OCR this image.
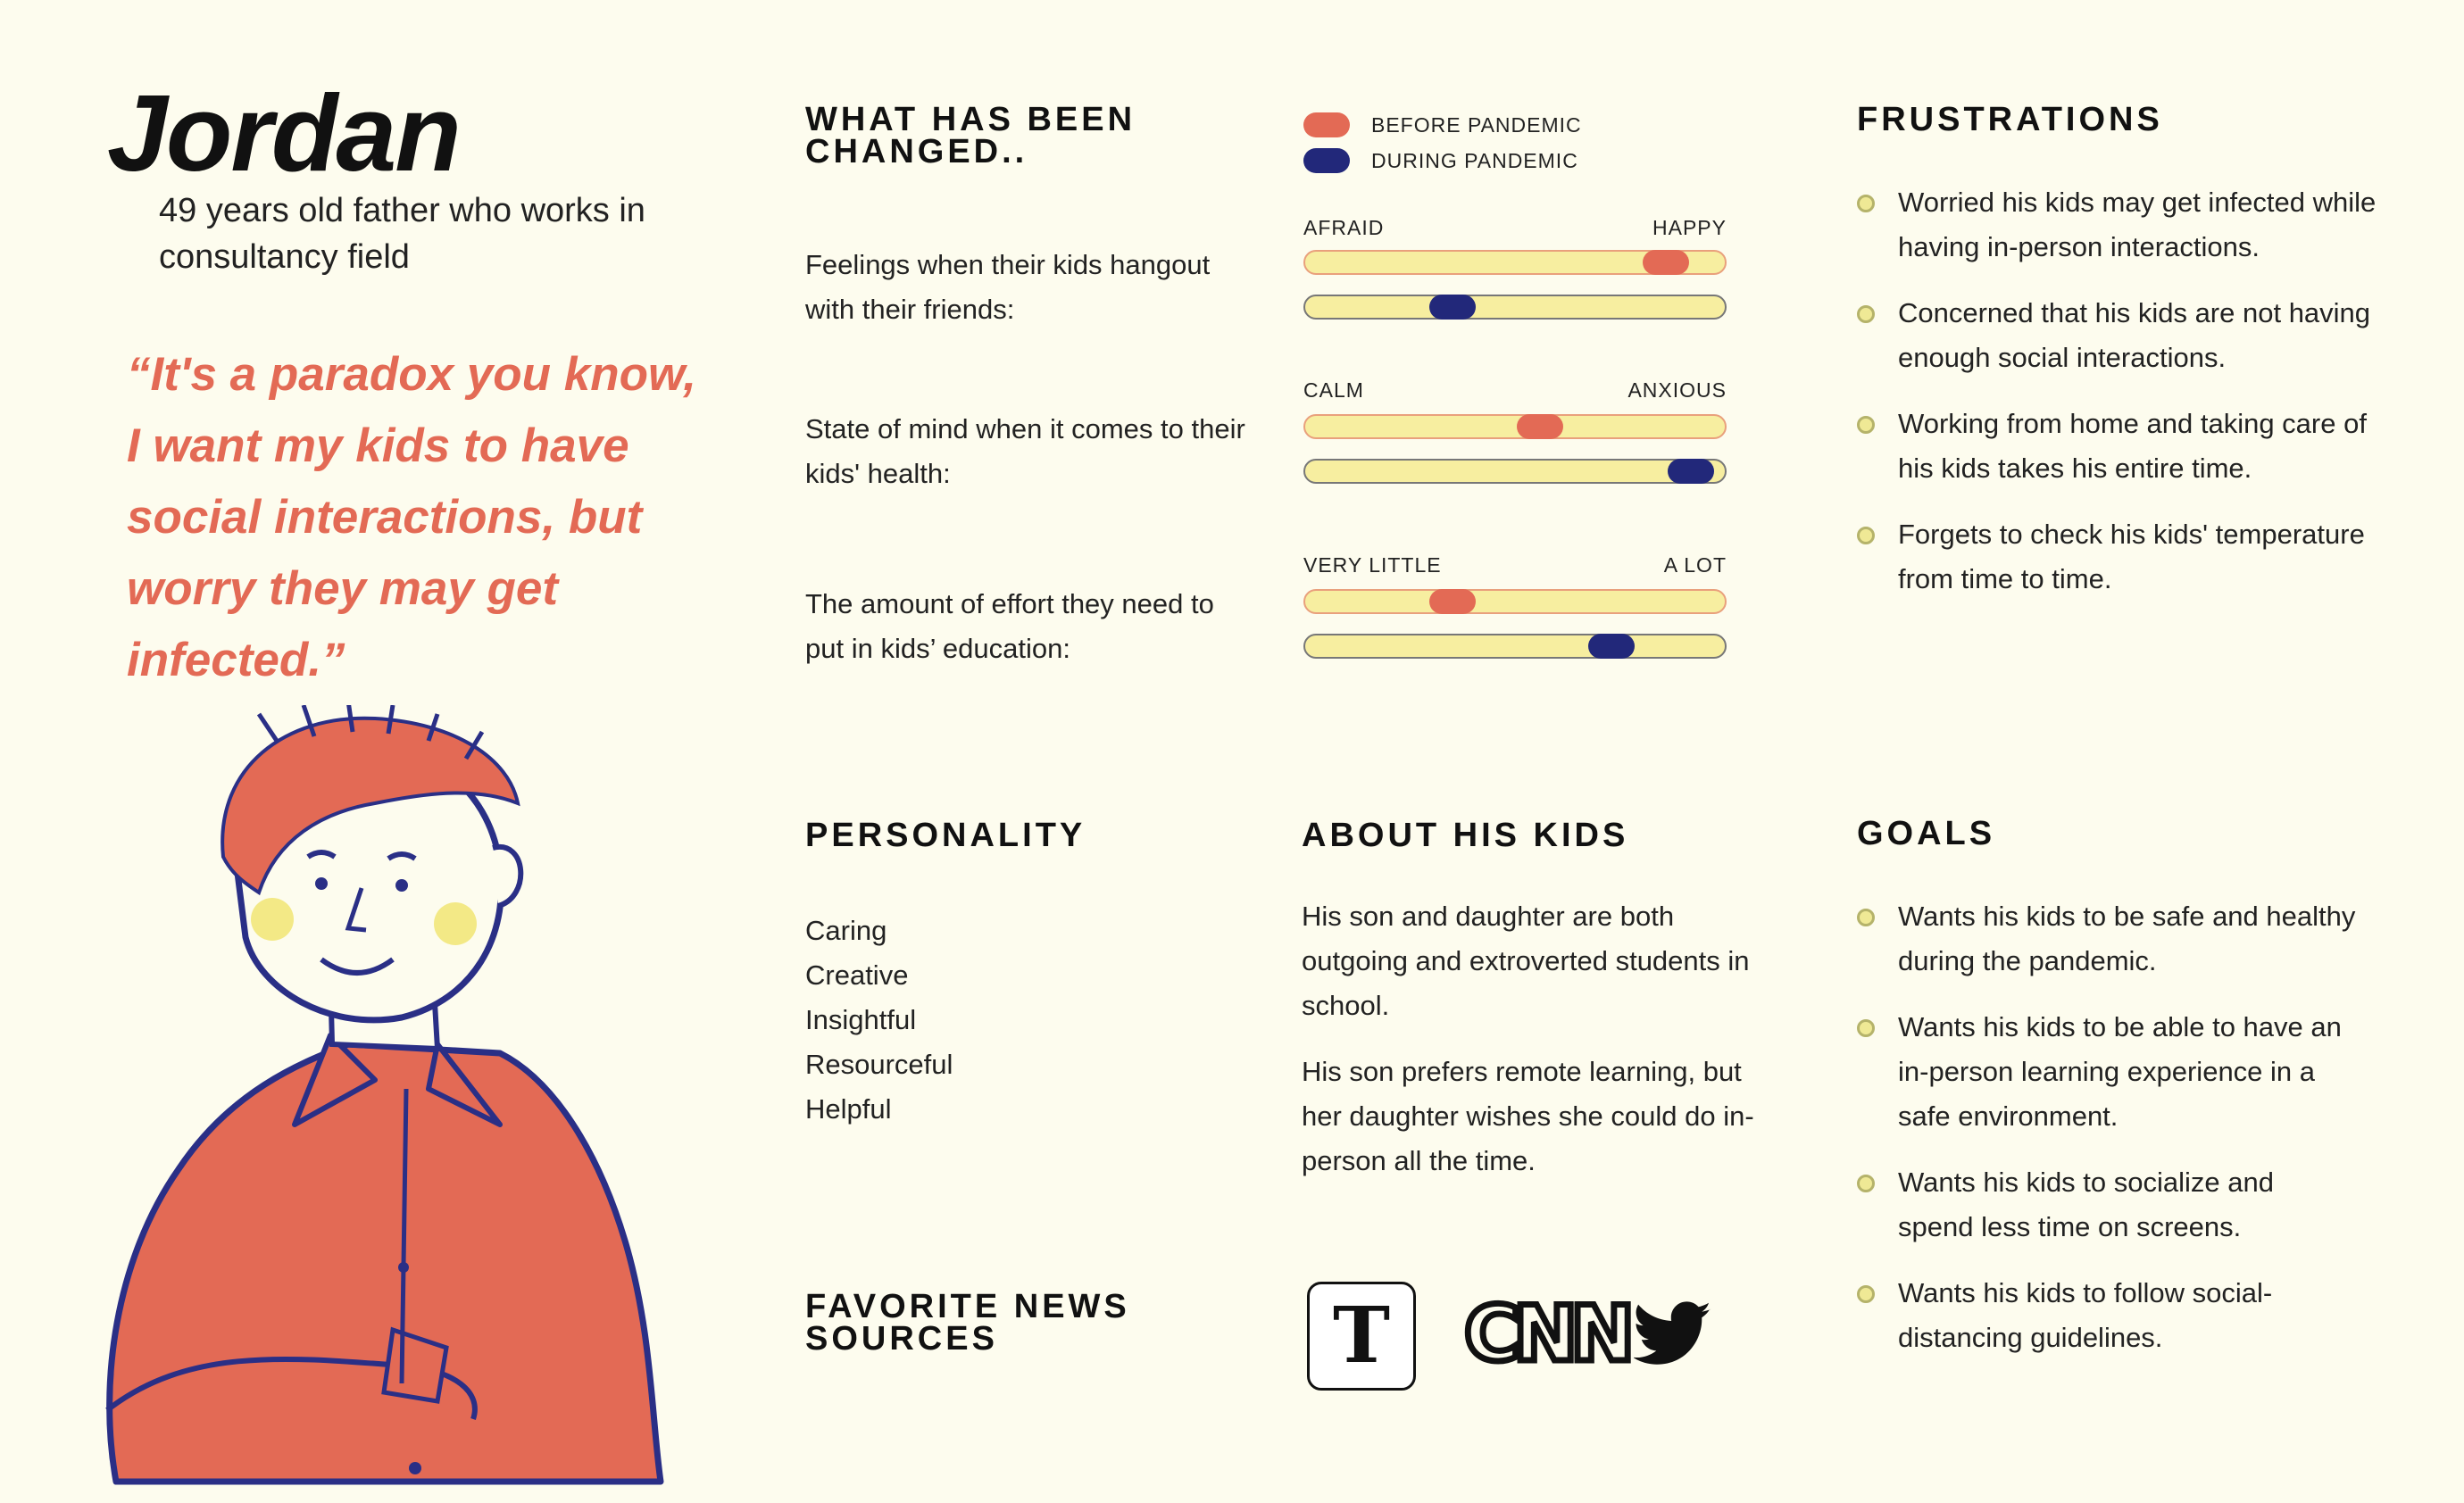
Jordan
49 years old father who works in consultancy field
“It's a paradox you know, I want my kids to have social interactions, but worry they may get infected.”
WHAT HAS BEEN CHANGED..
BEFORE PANDEMIC
DURING PANDEMIC
Feelings when their kids hangout with their friends:
AFRAID	HAPPY
State of mind when it comes to their kids' health:
CALM	ANXIOUS
The amount of effort they need to put in kids’ education:
VERY LITTLE	A LOT
FRUSTRATIONS
Worried his kids may get infected while having in-person interactions.
Concerned that his kids are not having enough social interactions.
Working from home and taking care of his kids takes his entire time.
Forgets to check his kids' temperature from time to time.
PERSONALITY
Caring
Creative
Insightful
Resourceful
Helpful
ABOUT HIS KIDS
His son and daughter are both outgoing and extroverted students in school.
His son prefers remote learning, but her daughter wishes she could do in-person all the time.
GOALS
Wants his kids to be safe and healthy during the pandemic.
Wants his kids to be able to have an in-person learning experience in a safe environment.
Wants his kids to socialize and spend less time on screens.
Wants his kids to follow social-distancing guidelines.
FAVORITE NEWS SOURCES	T CNN
